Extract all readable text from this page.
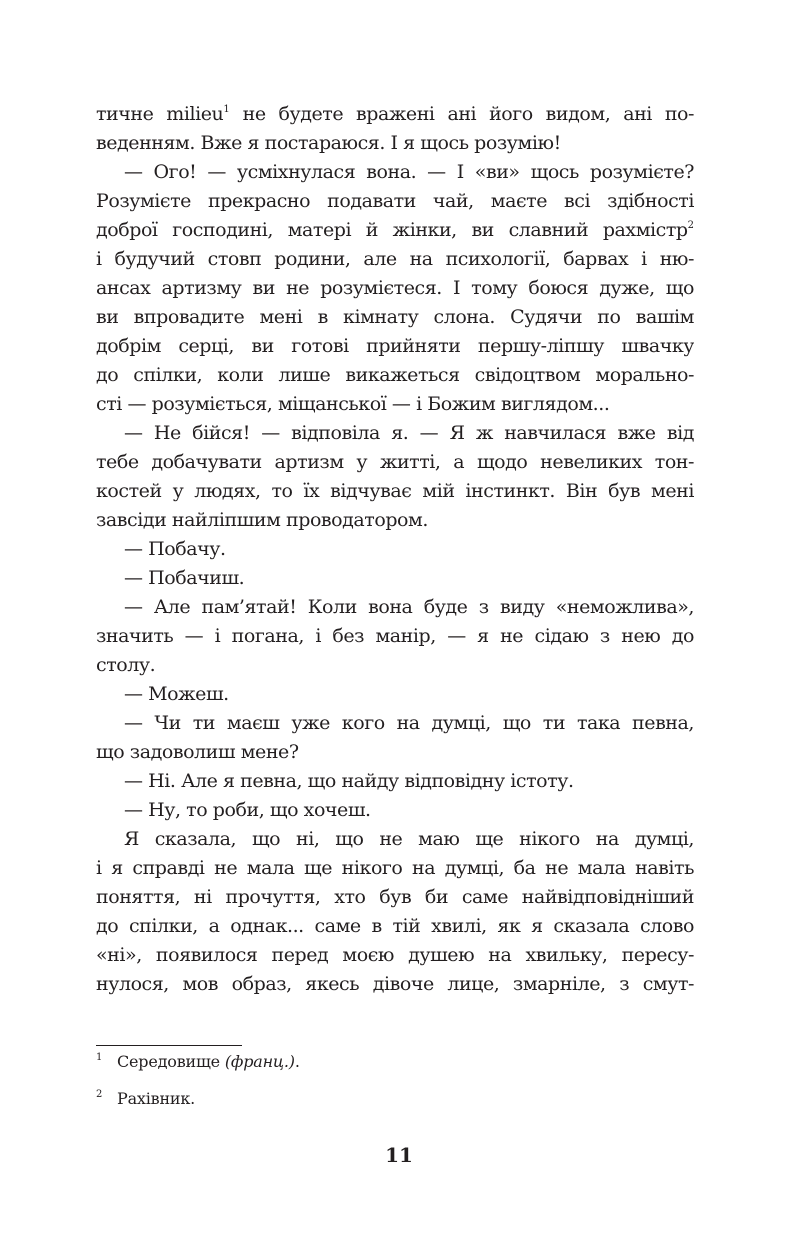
тичне milieu$^1$ не будете вражені ані його видом, ані по-
веденням. Вже я постараюся. І я щось розумію!
— Ого! — усміхнулася вона. — І «ви» щось розумієте?
Розумієте прекрасно подавати чай, маєте всі здібності
доброї господині, матері й жінки, ви славний рахмістр$^2$
і будучий стовп родини, але на психології, барвах і ню-
ансах артизму ви не розумієтеся. І тому боюся дуже, що
ви впровадите мені в кімнату слона. Судячи по вашім
добрім серці, ви готові прийняти першу-ліпшу швачку
до спілки, коли лише викажеться свідоцтвом морально-
сті — розуміється, міщанської — і Божим виглядом...
— Не бійся! — відповіла я. — Я ж навчилася вже від
тебе добачувати артизм у житті, а щодо невеликих тон-
костей у людях, то їх відчуває мій інстинкт. Він був мені
завсіди найліпшим проводатором.
— Побачу.
— Побачиш.
— Але пам’ятай! Коли вона буде з виду «неможлива»,
значить — і погана, і без манір, — я не сідаю з нею до
столу.
— Можеш.
— Чи ти маєш уже кого на думці, що ти така певна,
що задоволиш мене?
— Ні. Але я певна, що найду відповідну істоту.
— Ну, то роби, що хочеш.
Я сказала, що ні, що не маю ще нікого на думці,
і я справді не мала ще нікого на думці, ба не мала навіть
поняття, ні прочуття, хто був би саме найвідповідніший
до спілки, а однак... саме в тій хвилі, як я сказала слово
«ні», появилося перед моєю душею на хвильку, пересу-
нулося, мов образ, якесь дівоче лице, змарніле, з смут-
1 Середовище (франц.).
2 Рахівник.
11
